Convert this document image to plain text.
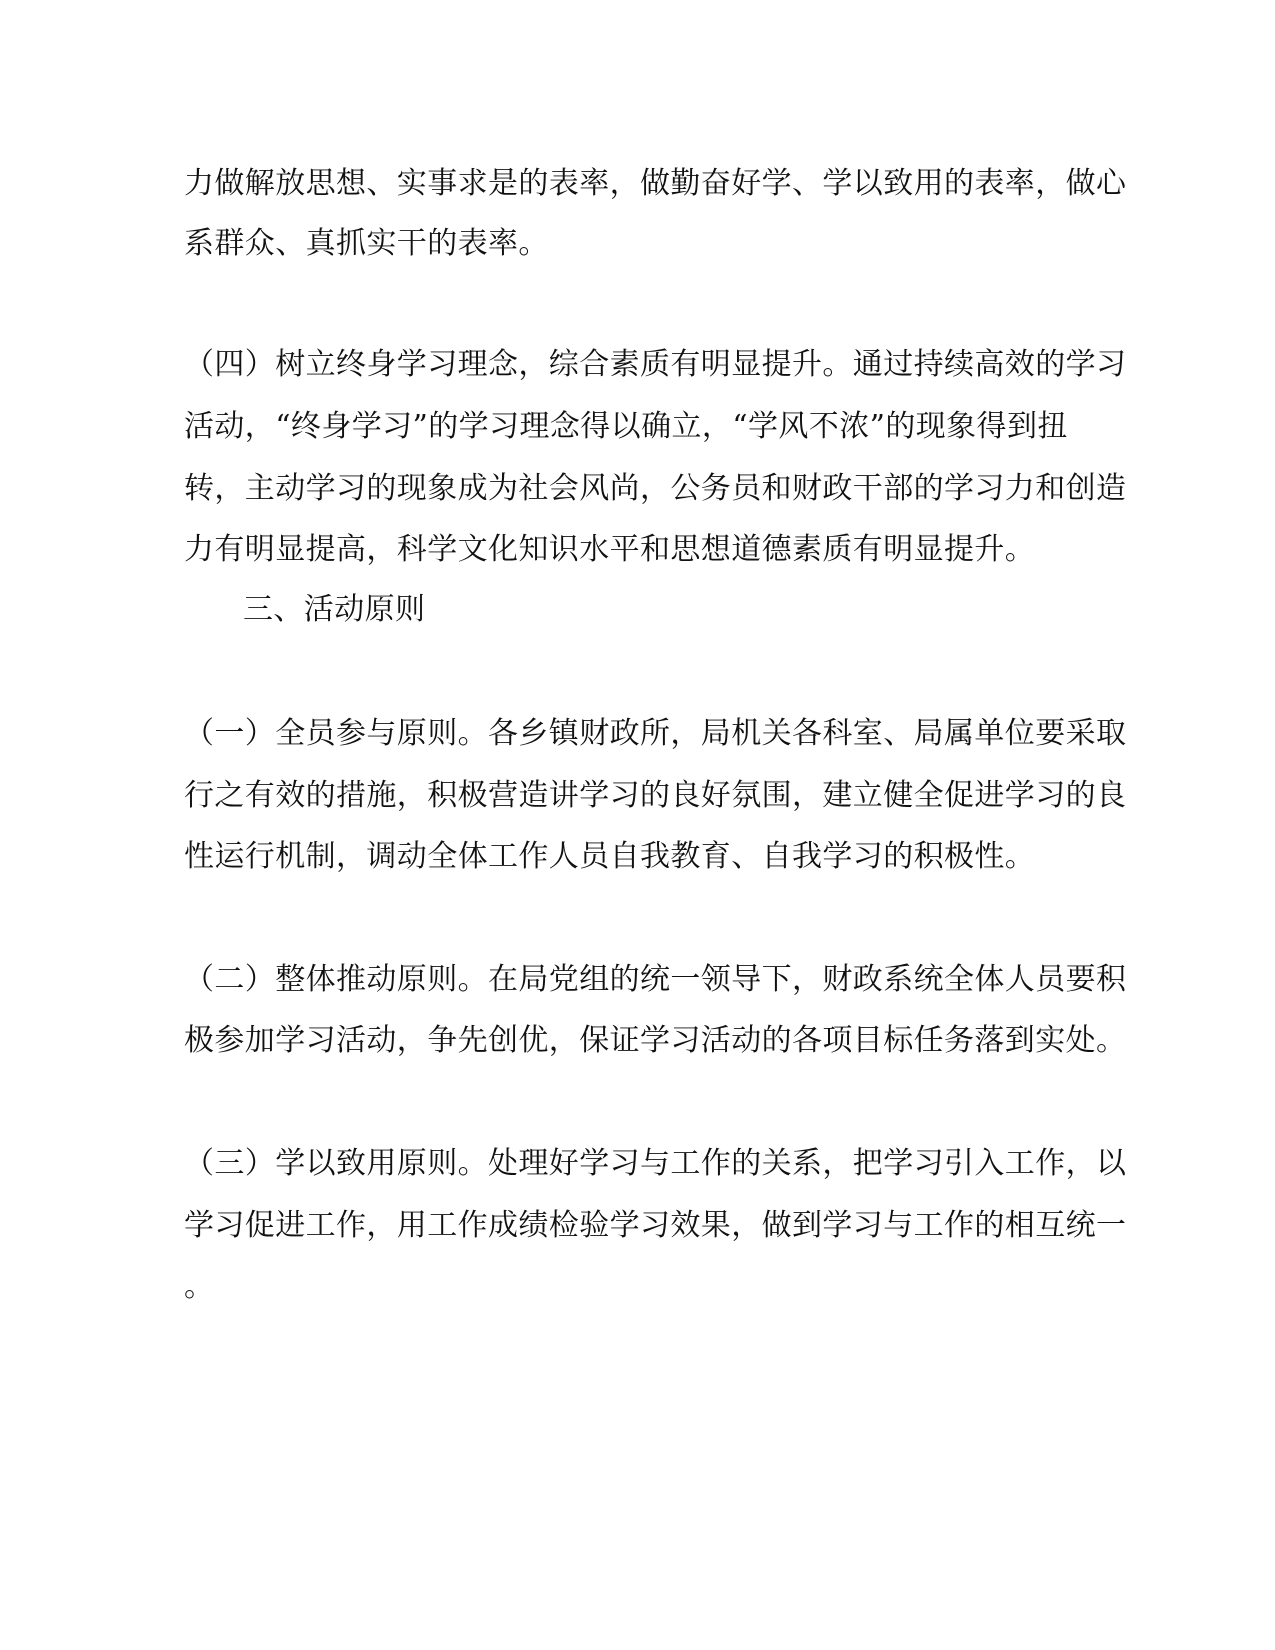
力做解放思想、实事求是的表率，做勤奋好学、学以致用的表率，做心
系群众、真抓实干的表率。
（四）树立终身学习理念，综合素质有明显提升。通过持续高效的学习
活动，“终身学习”的学习理念得以确立，“学风不浓”的现象得到扭
转，主动学习的现象成为社会风尚，公务员和财政干部的学习力和创造
力有明显提高，科学文化知识水平和思想道德素质有明显提升。
三、活动原则
（一）全员参与原则。各乡镇财政所，局机关各科室、局属单位要采取
行之有效的措施，积极营造讲学习的良好氛围，建立健全促进学习的良
性运行机制，调动全体工作人员自我教育、自我学习的积极性。
（二）整体推动原则。在局党组的统一领导下，财政系统全体人员要积
极参加学习活动，争先创优，保证学习活动的各项目标任务落到实处。
（三）学以致用原则。处理好学习与工作的关系，把学习引入工作，以
学习促进工作，用工作成绩检验学习效果，做到学习与工作的相互统一
。
